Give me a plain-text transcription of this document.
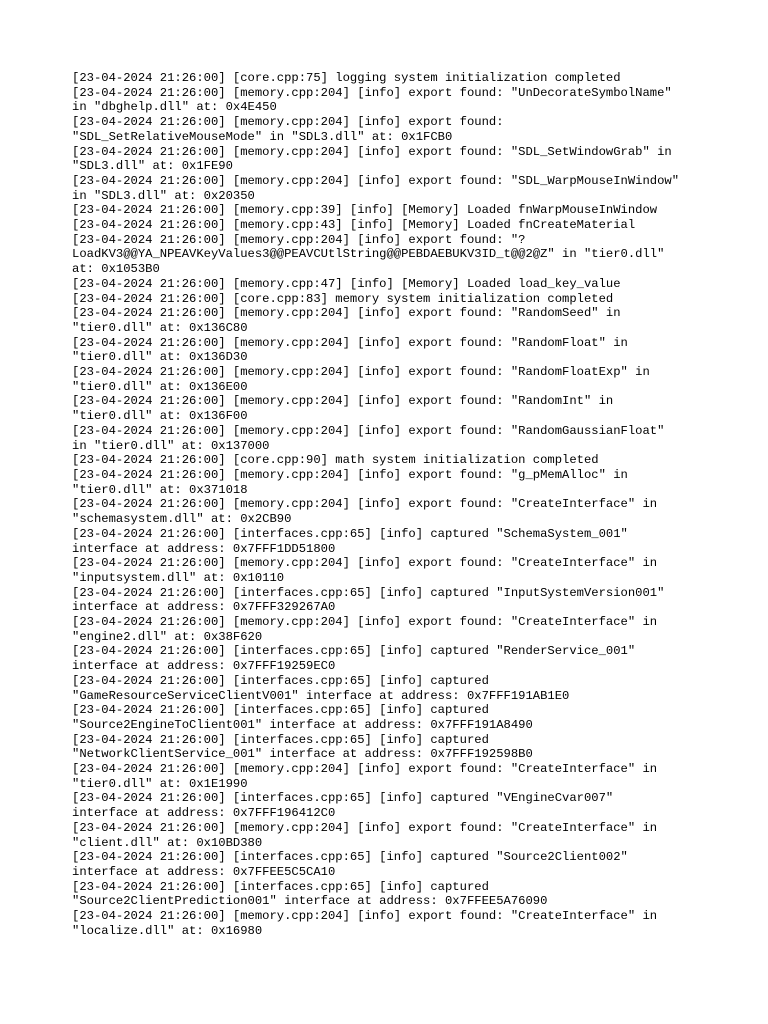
[23-04-2024 21:26:00] [core.cpp:75] logging system initialization completed
[23-04-2024 21:26:00] [memory.cpp:204] [info] export found: "UnDecorateSymbolName"
in "dbghelp.dll" at: 0x4E450
[23-04-2024 21:26:00] [memory.cpp:204] [info] export found:
"SDL_SetRelativeMouseMode" in "SDL3.dll" at: 0x1FCB0
[23-04-2024 21:26:00] [memory.cpp:204] [info] export found: "SDL_SetWindowGrab" in
"SDL3.dll" at: 0x1FE90
[23-04-2024 21:26:00] [memory.cpp:204] [info] export found: "SDL_WarpMouseInWindow"
in "SDL3.dll" at: 0x20350
[23-04-2024 21:26:00] [memory.cpp:39] [info] [Memory] Loaded fnWarpMouseInWindow
[23-04-2024 21:26:00] [memory.cpp:43] [info] [Memory] Loaded fnCreateMaterial
[23-04-2024 21:26:00] [memory.cpp:204] [info] export found: "?
LoadKV3@@YA_NPEAVKeyValues3@@PEAVCUtlString@@PEBDAEBUKV3ID_t@@2@Z" in "tier0.dll"
at: 0x1053B0
[23-04-2024 21:26:00] [memory.cpp:47] [info] [Memory] Loaded load_key_value
[23-04-2024 21:26:00] [core.cpp:83] memory system initialization completed
[23-04-2024 21:26:00] [memory.cpp:204] [info] export found: "RandomSeed" in
"tier0.dll" at: 0x136C80
[23-04-2024 21:26:00] [memory.cpp:204] [info] export found: "RandomFloat" in
"tier0.dll" at: 0x136D30
[23-04-2024 21:26:00] [memory.cpp:204] [info] export found: "RandomFloatExp" in
"tier0.dll" at: 0x136E00
[23-04-2024 21:26:00] [memory.cpp:204] [info] export found: "RandomInt" in
"tier0.dll" at: 0x136F00
[23-04-2024 21:26:00] [memory.cpp:204] [info] export found: "RandomGaussianFloat"
in "tier0.dll" at: 0x137000
[23-04-2024 21:26:00] [core.cpp:90] math system initialization completed
[23-04-2024 21:26:00] [memory.cpp:204] [info] export found: "g_pMemAlloc" in
"tier0.dll" at: 0x371018
[23-04-2024 21:26:00] [memory.cpp:204] [info] export found: "CreateInterface" in
"schemasystem.dll" at: 0x2CB90
[23-04-2024 21:26:00] [interfaces.cpp:65] [info] captured "SchemaSystem_001"
interface at address: 0x7FFF1DD51800
[23-04-2024 21:26:00] [memory.cpp:204] [info] export found: "CreateInterface" in
"inputsystem.dll" at: 0x10110
[23-04-2024 21:26:00] [interfaces.cpp:65] [info] captured "InputSystemVersion001"
interface at address: 0x7FFF329267A0
[23-04-2024 21:26:00] [memory.cpp:204] [info] export found: "CreateInterface" in
"engine2.dll" at: 0x38F620
[23-04-2024 21:26:00] [interfaces.cpp:65] [info] captured "RenderService_001"
interface at address: 0x7FFF19259EC0
[23-04-2024 21:26:00] [interfaces.cpp:65] [info] captured
"GameResourceServiceClientV001" interface at address: 0x7FFF191AB1E0
[23-04-2024 21:26:00] [interfaces.cpp:65] [info] captured
"Source2EngineToClient001" interface at address: 0x7FFF191A8490
[23-04-2024 21:26:00] [interfaces.cpp:65] [info] captured
"NetworkClientService_001" interface at address: 0x7FFF192598B0
[23-04-2024 21:26:00] [memory.cpp:204] [info] export found: "CreateInterface" in
"tier0.dll" at: 0x1E1990
[23-04-2024 21:26:00] [interfaces.cpp:65] [info] captured "VEngineCvar007"
interface at address: 0x7FFF196412C0
[23-04-2024 21:26:00] [memory.cpp:204] [info] export found: "CreateInterface" in
"client.dll" at: 0x10BD380
[23-04-2024 21:26:00] [interfaces.cpp:65] [info] captured "Source2Client002"
interface at address: 0x7FFEE5C5CA10
[23-04-2024 21:26:00] [interfaces.cpp:65] [info] captured
"Source2ClientPrediction001" interface at address: 0x7FFEE5A76090
[23-04-2024 21:26:00] [memory.cpp:204] [info] export found: "CreateInterface" in
"localize.dll" at: 0x16980
